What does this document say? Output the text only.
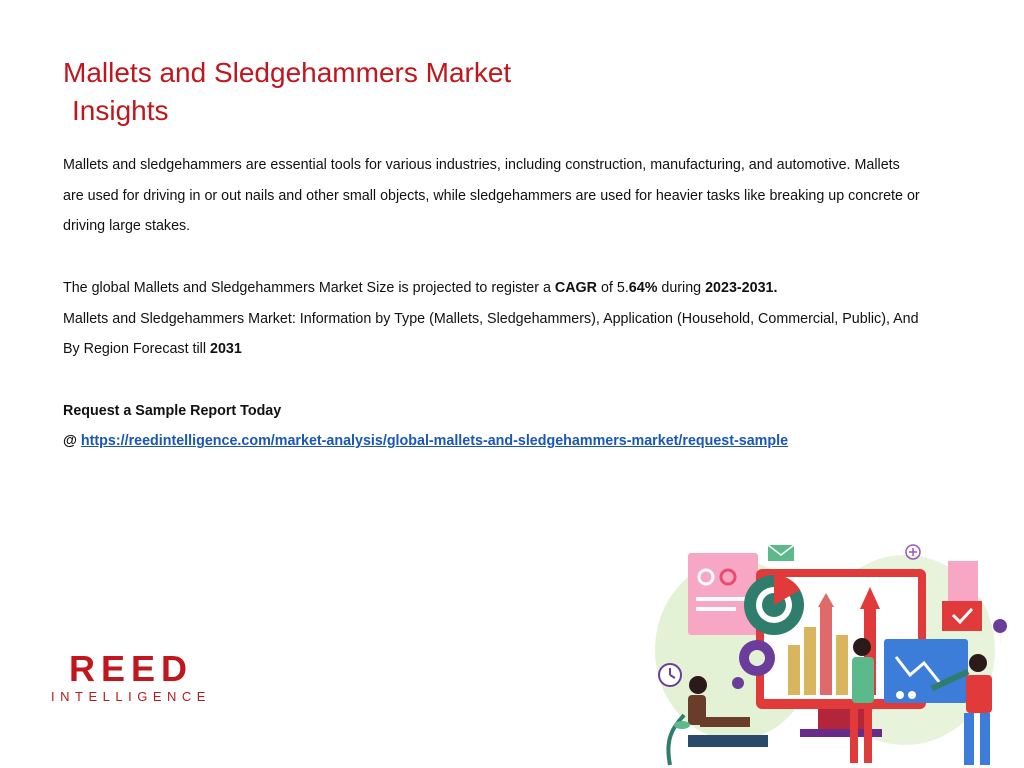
Mallets and Sledgehammers Market
Insights

Mallets and sledgehammers are essential tools for various industries, including construction, manufacturing, and automotive. Mallets are used for driving in or out nails and other small objects, while sledgehammers are used for heavier tasks like breaking up concrete or driving large stakes.

The global Mallets and Sledgehammers Market Size is projected to register a CAGR of 5.64% during 2023-2031.

Mallets and Sledgehammers Market: Information by Type (Mallets, Sledgehammers), Application (Household, Commercial, Public), And By Region Forecast till 2031

Request a Sample Report Today

@ https://reedintelligence.com/market-analysis/global-mallets-and-sledgehammers-market/request-sample

REED
INTELLIGENCE
